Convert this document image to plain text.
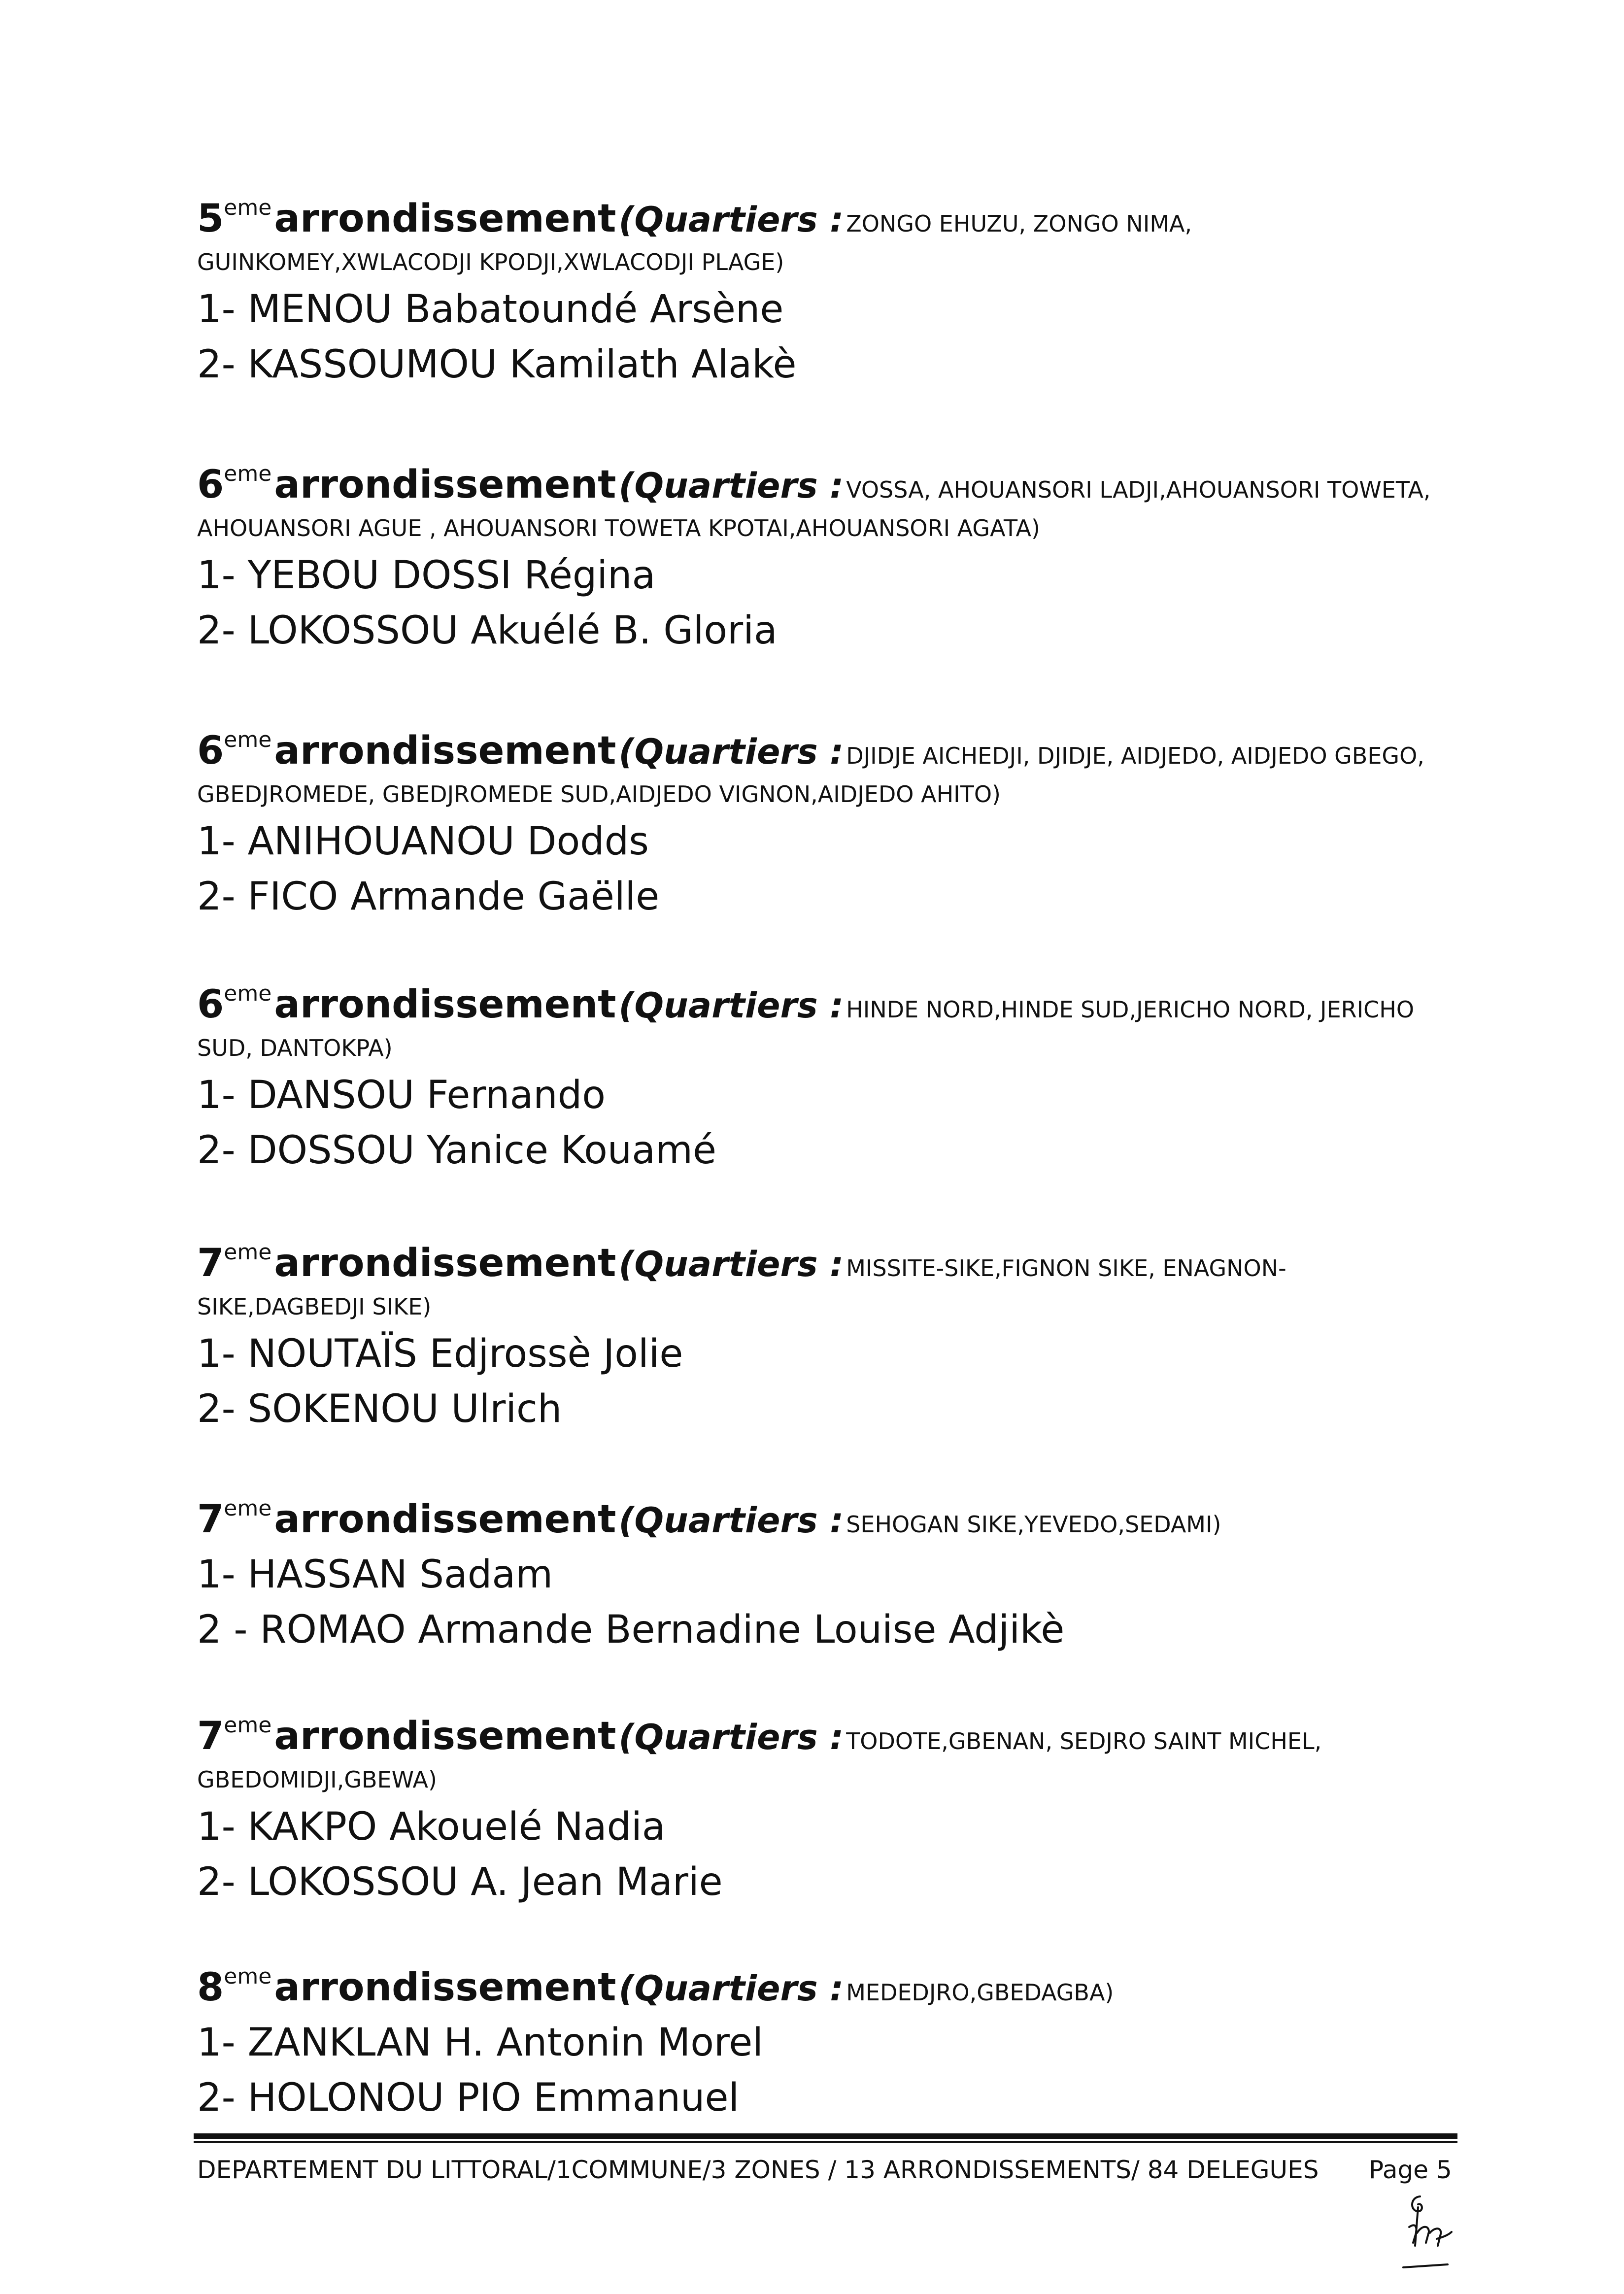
5eme arrondissement (Quartiers : ZONGO EHUZU, ZONGO NIMA,
GUINKOMEY,XWLACODJI KPODJI,XWLACODJI PLAGE)
1- MENOU Babatoundé Arsène
2- KASSOUMOU Kamilath Alakè
6eme arrondissement (Quartiers : VOSSA, AHOUANSORI LADJI,AHOUANSORI TOWETA,
AHOUANSORI AGUE , AHOUANSORI TOWETA KPOTAI,AHOUANSORI AGATA)
1- YEBOU DOSSI Régina
2- LOKOSSOU Akuélé B. Gloria
6eme arrondissement (Quartiers : DJIDJE AICHEDJI, DJIDJE, AIDJEDO, AIDJEDO GBEGO,
GBEDJROMEDE, GBEDJROMEDE SUD,AIDJEDO VIGNON,AIDJEDO AHITO)
1- ANIHOUANOU Dodds
2- FICO Armande Gaëlle
6eme arrondissement (Quartiers : HINDE NORD,HINDE SUD,JERICHO NORD, JERICHO
SUD, DANTOKPA)
1- DANSOU Fernando
2- DOSSOU Yanice Kouamé
7eme arrondissement (Quartiers : MISSITE-SIKE,FIGNON SIKE, ENAGNON-
SIKE,DAGBEDJI SIKE)
1- NOUTAÏS Edjrossè Jolie
2- SOKENOU Ulrich
7eme arrondissement (Quartiers : SEHOGAN SIKE,YEVEDO,SEDAMI)
1- HASSAN Sadam
2 - ROMAO Armande Bernadine Louise Adjikè
7eme arrondissement (Quartiers : TODOTE,GBENAN, SEDJRO SAINT MICHEL,
GBEDOMIDJI,GBEWA)
1- KAKPO Akouelé Nadia
2- LOKOSSOU A. Jean Marie
8eme arrondissement (Quartiers : MEDEDJRO,GBEDAGBA)
1- ZANKLAN H. Antonin Morel
2- HOLONOU PIO Emmanuel
DEPARTEMENT DU LITTORAL/1COMMUNE/3 ZONES / 13 ARRONDISSEMENTS/ 84 DELEGUES Page 5
